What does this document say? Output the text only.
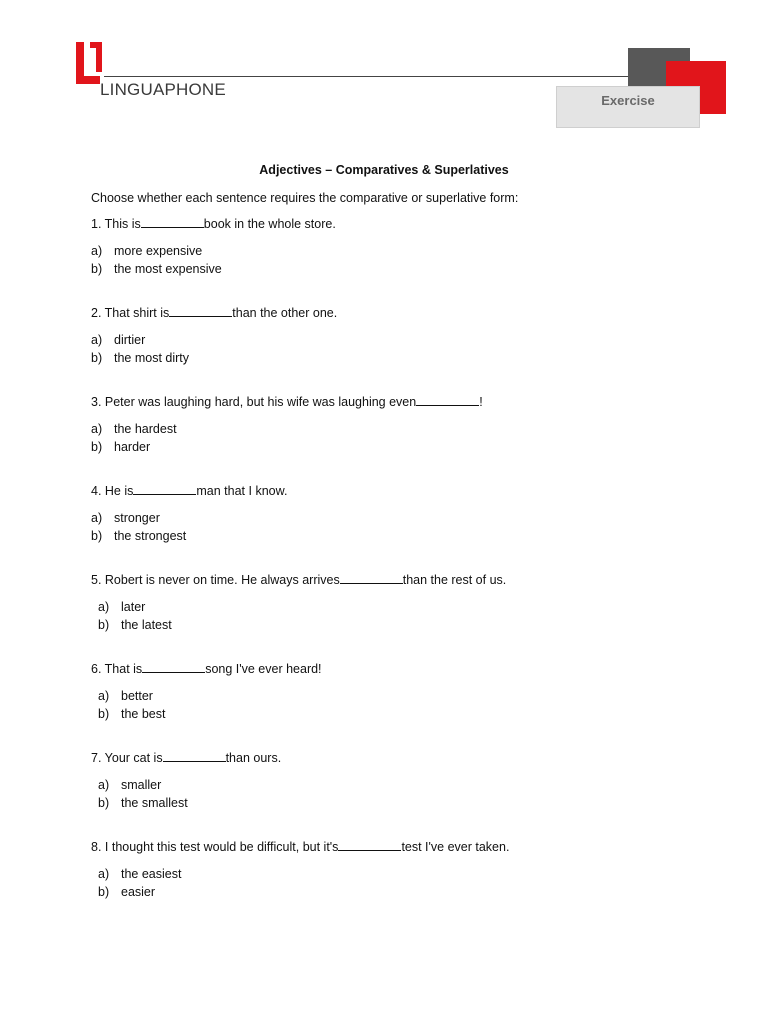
LINGUAPHONE
Exercise
Adjectives – Comparatives & Superlatives
Choose whether each sentence requires the comparative or superlative form:
1. This is	book in the whole store.
a) more expensive
b) the most expensive
2. That shirt is	than the other one.
a) dirtier
b) the most dirty
3. Peter was laughing hard, but his wife was laughing even	!
a) the hardest
b) harder
4. He is	man that I know.
a) stronger
b) the strongest
5. Robert is never on time. He always arrives	than the rest of us.
a) later
b) the latest
6. That is	song I've ever heard!
a) better
b) the best
7. Your cat is	than ours.
a) smaller
b) the smallest
8. I thought this test would be difficult, but it's	test I've ever taken.
a) the easiest
b) easier
